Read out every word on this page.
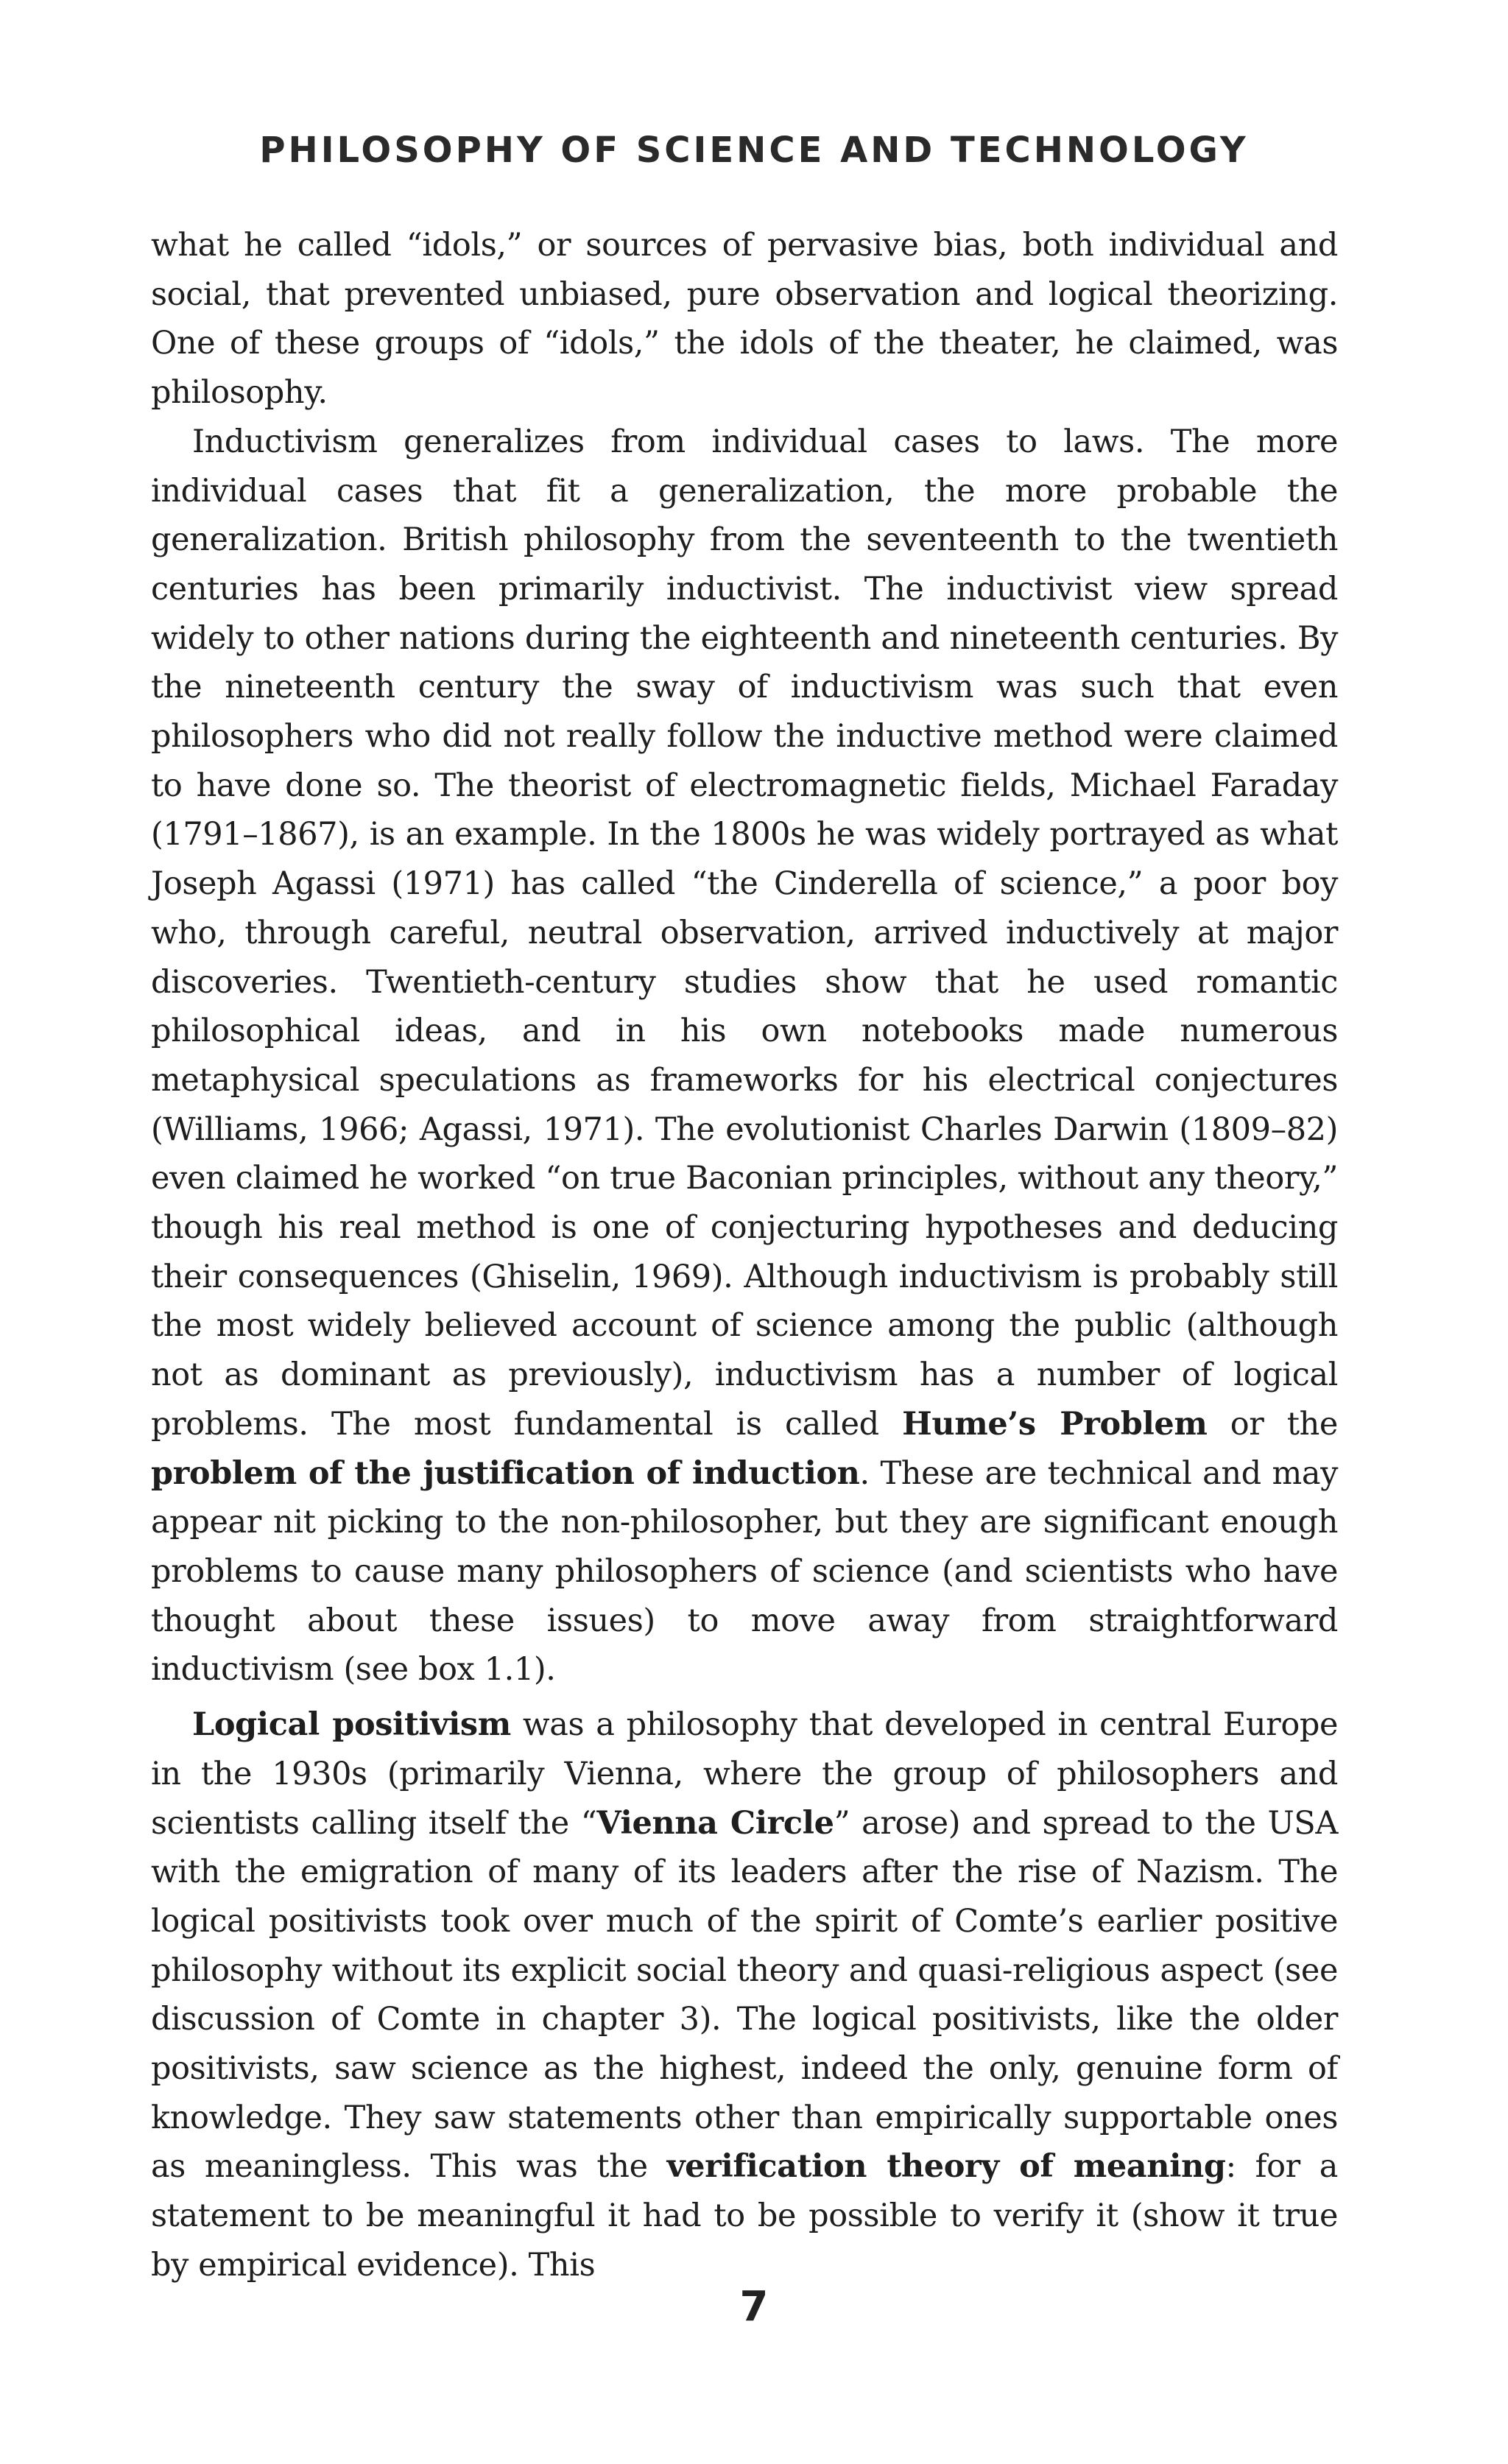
PHILOSOPHY OF SCIENCE AND TECHNOLOGY

what he called “idols,” or sources of pervasive bias, both individual and social, that prevented unbiased, pure observation and logical theorizing. One of these groups of “idols,” the idols of the theater, he claimed, was philosophy.

Inductivism generalizes from individual cases to laws. The more individual cases that fit a generalization, the more probable the generalization. British philosophy from the seventeenth to the twentieth centuries has been primarily inductivist. The inductivist view spread widely to other nations during the eighteenth and nineteenth centuries. By the nineteenth century the sway of inductivism was such that even philosophers who did not really follow the inductive method were claimed to have done so. The theorist of electromagnetic fields, Michael Faraday (1791–1867), is an example. In the 1800s he was widely portrayed as what Joseph Agassi (1971) has called “the Cinderella of science,” a poor boy who, through careful, neutral observation, arrived inductively at major discoveries. Twentieth-century studies show that he used romantic philosophical ideas, and in his own notebooks made numerous metaphysical speculations as frameworks for his electrical conjectures (Williams, 1966; Agassi, 1971). The evolutionist Charles Darwin (1809–82) even claimed he worked “on true Baconian principles, without any theory,” though his real method is one of conjecturing hypotheses and deducing their consequences (Ghiselin, 1969). Although inductivism is probably still the most widely believed account of science among the public (although not as dominant as previously), inductivism has a number of logical problems. The most fundamental is called Hume’s Problem or the problem of the justification of induction. These are technical and may appear nit picking to the non-philosopher, but they are significant enough problems to cause many philosophers of science (and scientists who have thought about these issues) to move away from straightforward inductivism (see box 1.1).

Logical positivism was a philosophy that developed in central Europe in the 1930s (primarily Vienna, where the group of philosophers and scientists calling itself the “Vienna Circle” arose) and spread to the USA with the emigration of many of its leaders after the rise of Nazism. The logical positivists took over much of the spirit of Comte’s earlier positive philosophy without its explicit social theory and quasi-religious aspect (see discussion of Comte in chapter 3). The logical positivists, like the older positivists, saw science as the highest, indeed the only, genuine form of knowledge. They saw statements other than empirically supportable ones as meaningless. This was the verification theory of meaning: for a statement to be meaningful it had to be possible to verify it (show it true by empirical evidence). This

7
